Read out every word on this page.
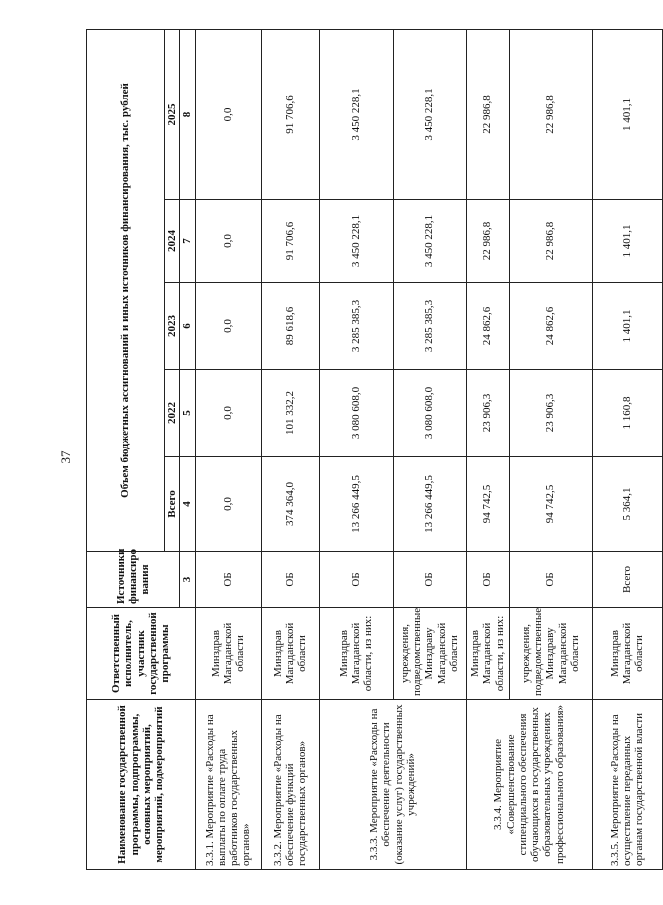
37
Наименование государственной программы, подпрограммы, основных мероприятий, мероприятий, подмероприятий	Ответственный исполнитель, участник государственной программы	Источники финансиро вания	Объем бюджетных ассигнований и иных источников финансирования, тыс. рублей				
			Всего	2022	2023	2024	2025
		3	4	5	6	7	8

3.3.1. Мероприятие «Расходы на выплаты по оплате труда работников государственных органов»	Минздрав Магаданской области	ОБ	0,0	0,0	0,0	0,0	0,0
3.3.2. Мероприятие «Расходы на обеспечение функций государственных органов»	Минздрав Магаданской области	ОБ	374 364,0	101 332,2	89 618,6	91 706,6	91 706,6
3.3.3. Мероприятие «Расходы на обеспечение деятельности (оказание услуг) государственных учреждений»	Минздрав Магаданской области, из них:	ОБ	13 266 449,5	3 080 608,0	3 285 385,3	3 450 228,1	3 450 228,1
	учреждения, подведомственные Минздраву Магаданской области	ОБ	13 266 449,5	3 080 608,0	3 285 385,3	3 450 228,1	3 450 228,1
3.3.4. Мероприятие «Совершенствование стипендиального обеспечения обучающихся в государственных образовательных учреждениях профессионального образования»	Минздрав Магаданской области, из них:	ОБ	94 742,5	23 906,3	24 862,6	22 986,8	22 986,8
	учреждения, подведомственные Минздраву Магаданской области	ОБ	94 742,5	23 906,3	24 862,6	22 986,8	22 986,8
3.3.5. Мероприятие «Расходы на осуществление переданных органам государственной власти	Минздрав Магаданской области	Всего	5 364,1	1 160,8	1 401,1	1 401,1	1 401,1
